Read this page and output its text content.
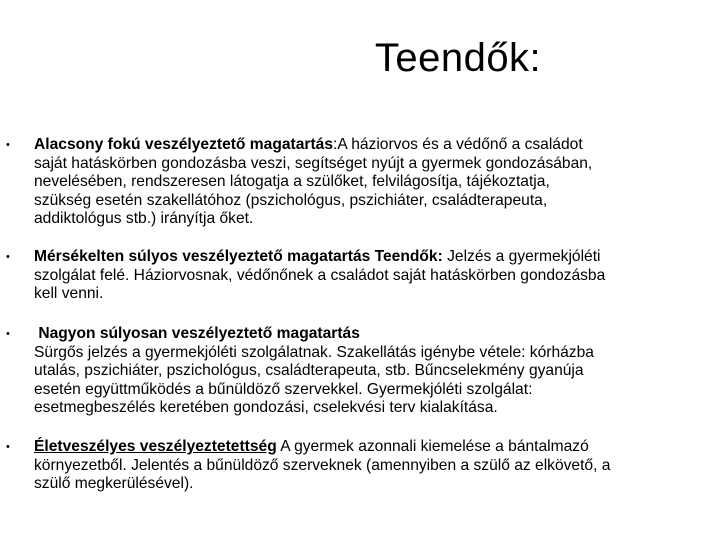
Teendők:
• Alacsony fokú veszélyeztető magatartás:A háziorvos és a védőnő a családot
saját hatáskörben gondozásba veszi, segítséget nyújt a gyermek gondozásában,
nevelésében, rendszeresen látogatja a szülőket, felvilágosítja, tájékoztatja,
szükség esetén szakellátóhoz (pszichológus, pszichiáter, családterapeuta,
addiktológus stb.) irányítja őket.
• Mérsékelten súlyos veszélyeztető magatartás Teendők: Jelzés a gyermekjóléti
szolgálat felé. Háziorvosnak, védőnőnek a családot saját hatáskörben gondozásba
kell venni.
• Nagyon súlyosan veszélyeztető magatartás
Sürgős jelzés a gyermekjóléti szolgálatnak. Szakellátás igénybe vétele: kórházba
utalás, pszichiáter, pszichológus, családterapeuta, stb. Bűncselekmény gyanúja
esetén együttműködés a bűnüldöző szervekkel. Gyermekjóléti szolgálat:
esetmegbeszélés keretében gondozási, cselekvési terv kialakítása.
• Életveszélyes veszélyeztetettség A gyermek azonnali kiemelése a bántalmazó
környezetből. Jelentés a bűnüldöző szerveknek (amennyiben a szülő az elkövető, a
szülő megkerülésével).
